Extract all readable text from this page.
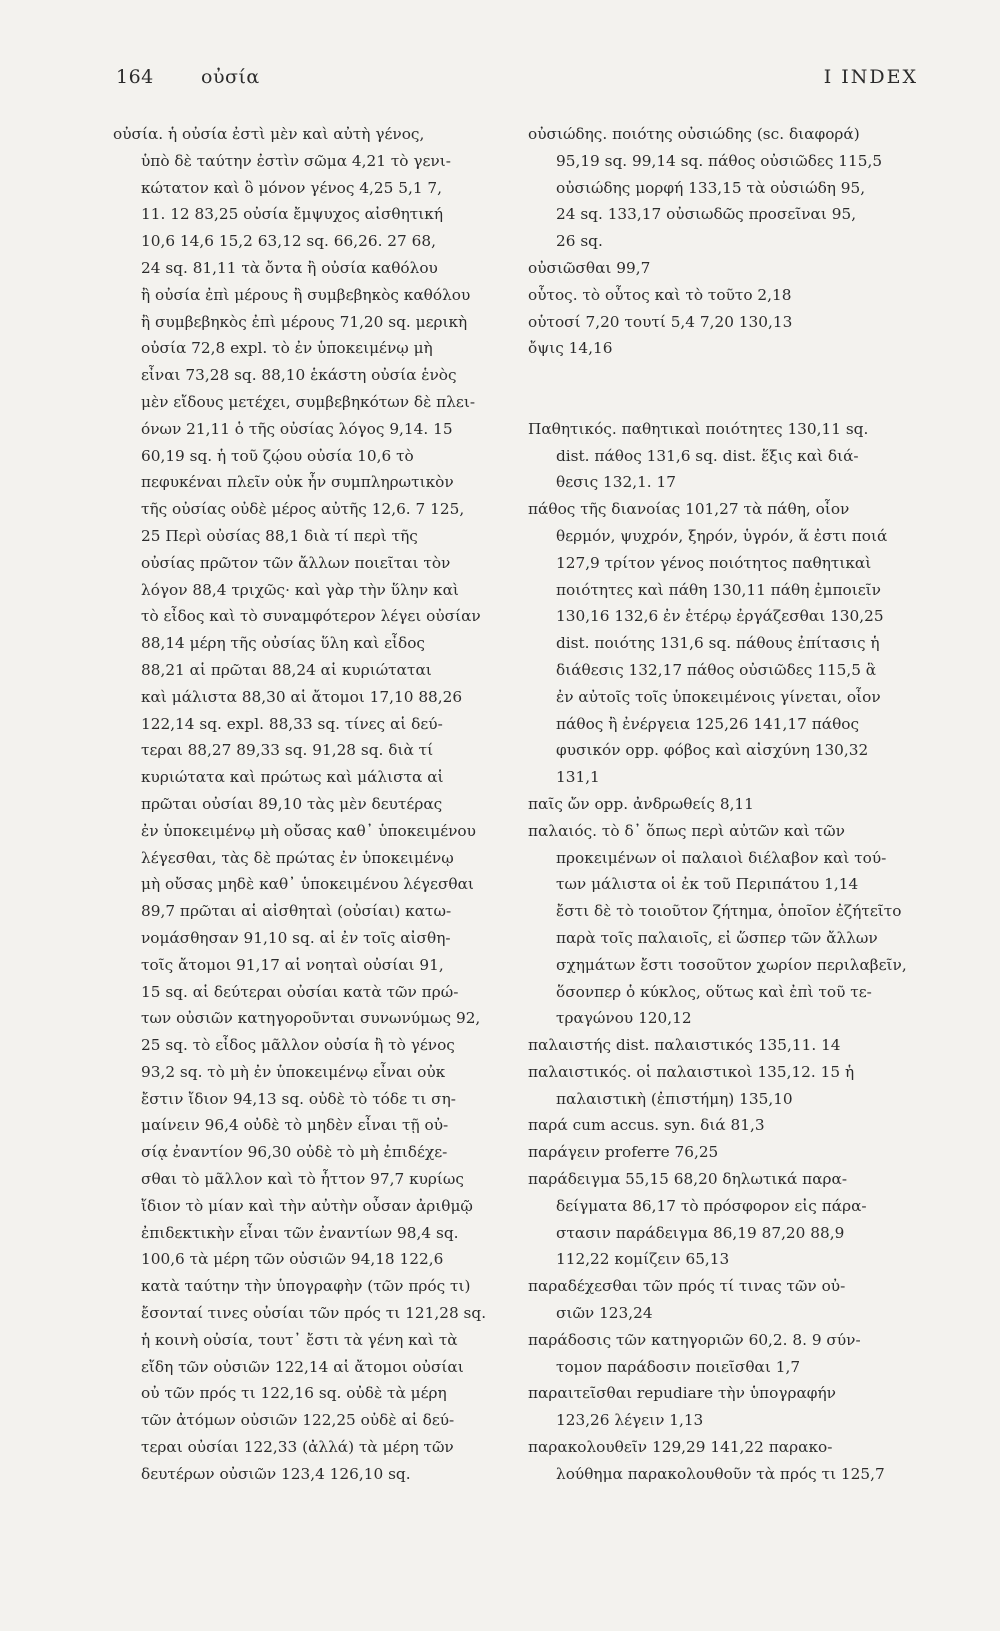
164 οὐσία	I INDEX
οὐσία. ἡ οὐσία ἐστὶ μὲν καὶ αὐτὴ γένος,
ὑπὸ δὲ ταύτην ἐστὶν σῶμα 4,21 τὸ γενι-
κώτατον καὶ ὃ μόνον γένος 4,25 5,1 7,
11. 12 83,25 οὐσία ἔμψυχος αἰσθητική
10,6 14,6 15,2 63,12 sq. 66,26. 27 68,
24 sq. 81,11 τὰ ὄντα ἢ οὐσία καθόλου
ἢ οὐσία ἐπὶ μέρους ἢ συμβεβηκὸς καθόλου
ἢ συμβεβηκὸς ἐπὶ μέρους 71,20 sq. μερικὴ
οὐσία 72,8 expl. τὸ ἐν ὑποκειμένῳ μὴ
εἶναι 73,28 sq. 88,10 ἑκάστη οὐσία ἑνὸς
μὲν εἴδους μετέχει, συμβεβηκότων δὲ πλει-
όνων 21,11 ὁ τῆς οὐσίας λόγος 9,14. 15
60,19 sq. ἡ τοῦ ζῴου οὐσία 10,6 τὸ
πεφυκέναι πλεῖν οὐκ ἦν συμπληρωτικὸν
τῆς οὐσίας οὐδὲ μέρος αὐτῆς 12,6. 7 125,
25 Περὶ οὐσίας 88,1 διὰ τί περὶ τῆς
οὐσίας πρῶτον τῶν ἄλλων ποιεῖται τὸν
λόγον 88,4 τριχῶς· καὶ γὰρ τὴν ὕλην καὶ
τὸ εἶδος καὶ τὸ συναμφότερον λέγει οὐσίαν
88,14 μέρη τῆς οὐσίας ὕλη καὶ εἶδος
88,21 αἱ πρῶται 88,24 αἱ κυριώταται
καὶ μάλιστα 88,30 αἱ ἄτομοι 17,10 88,26
122,14 sq. expl. 88,33 sq. τίνες αἱ δεύ-
τεραι 88,27 89,33 sq. 91,28 sq. διὰ τί
κυριώτατα καὶ πρώτως καὶ μάλιστα αἱ
πρῶται οὐσίαι 89,10 τὰς μὲν δευτέρας
ἐν ὑποκειμένῳ μὴ οὔσας καθ᾽ ὑποκειμένου
λέγεσθαι, τὰς δὲ πρώτας ἐν ὑποκειμένῳ
μὴ οὔσας μηδὲ καθ᾽ ὑποκειμένου λέγεσθαι
89,7 πρῶται αἱ αἰσθηταὶ (οὐσίαι) κατω-
νομάσθησαν 91,10 sq. αἱ ἐν τοῖς αἰσθη-
τοῖς ἄτομοι 91,17 αἱ νοηταὶ οὐσίαι 91,
15 sq. αἱ δεύτεραι οὐσίαι κατὰ τῶν πρώ-
των οὐσιῶν κατηγοροῦνται συνωνύμως 92,
25 sq. τὸ εἶδος μᾶλλον οὐσία ἢ τὸ γένος
93,2 sq. τὸ μὴ ἐν ὑποκειμένῳ εἶναι οὐκ
ἔστιν ἴδιον 94,13 sq. οὐδὲ τὸ τόδε τι ση-
μαίνειν 96,4 οὐδὲ τὸ μηδὲν εἶναι τῇ οὐ-
σίᾳ ἐναντίον 96,30 οὐδὲ τὸ μὴ ἐπιδέχε-
σθαι τὸ μᾶλλον καὶ τὸ ἧττον 97,7 κυρίως
ἴδιον τὸ μίαν καὶ τὴν αὐτὴν οὖσαν ἀριθμῷ
ἐπιδεκτικὴν εἶναι τῶν ἐναντίων 98,4 sq.
100,6 τὰ μέρη τῶν οὐσιῶν 94,18 122,6
κατὰ ταύτην τὴν ὑπογραφὴν (τῶν πρός τι)
ἔσονταί τινες οὐσίαι τῶν πρός τι 121,28 sq.
ἡ κοινὴ οὐσία, τουτ᾽ ἔστι τὰ γένη καὶ τὰ
εἴδη τῶν οὐσιῶν 122,14 αἱ ἄτομοι οὐσίαι
οὐ τῶν πρός τι 122,16 sq. οὐδὲ τὰ μέρη
τῶν ἀτόμων οὐσιῶν 122,25 οὐδὲ αἱ δεύ-
τεραι οὐσίαι 122,33 (ἀλλά) τὰ μέρη τῶν
δευτέρων οὐσιῶν 123,4 126,10 sq.
οὐσιώδης. ποιότης οὐσιώδης (sc. διαφορά)
95,19 sq. 99,14 sq. πάθος οὐσιῶδες 115,5
οὐσιώδης μορφή 133,15 τὰ οὐσιώδη 95,
24 sq. 133,17 οὐσιωδῶς προσεῖναι 95,
26 sq.
οὐσιῶσθαι 99,7
οὗτος. τὸ οὗτος καὶ τὸ τοῦτο 2,18
οὑτοσί 7,20 τουτί 5,4 7,20 130,13
ὄψις 14,16
Παθητικός. παθητικαὶ ποιότητες 130,11 sq.
dist. πάθος 131,6 sq. dist. ἕξις καὶ διά-
θεσις 132,1. 17
πάθος τῆς διανοίας 101,27 τὰ πάθη, οἷον
θερμόν, ψυχρόν, ξηρόν, ὑγρόν, ἅ ἐστι ποιά
127,9 τρίτον γένος ποιότητος παθητικαὶ
ποιότητες καὶ πάθη 130,11 πάθη ἐμποιεῖν
130,16 132,6 ἐν ἑτέρῳ ἐργάζεσθαι 130,25
dist. ποιότης 131,6 sq. πάθους ἐπίτασις ἡ
διάθεσις 132,17 πάθος οὐσιῶδες 115,5 ἃ
ἐν αὐτοῖς τοῖς ὑποκειμένοις γίνεται, οἷον
πάθος ἢ ἐνέργεια 125,26 141,17 πάθος
φυσικόν opp. φόβος καὶ αἰσχύνη 130,32
131,1
παῖς ὤν opp. ἀνδρωθείς 8,11
παλαιός. τὸ δ᾽ ὅπως περὶ αὐτῶν καὶ τῶν
προκειμένων οἱ παλαιοὶ διέλαβον καὶ τού-
των μάλιστα οἱ ἐκ τοῦ Περιπάτου 1,14
ἔστι δὲ τὸ τοιοῦτον ζήτημα, ὁποῖον ἐζήτεῖτο
παρὰ τοῖς παλαιοῖς, εἰ ὥσπερ τῶν ἄλλων
σχημάτων ἔστι τοσοῦτον χωρίον περιλαβεῖν,
ὅσονπερ ὁ κύκλος, οὕτως καὶ ἐπὶ τοῦ τε-
τραγώνου 120,12
παλαιστής dist. παλαιστικός 135,11. 14
παλαιστικός. οἱ παλαιστικοὶ 135,12. 15 ἡ
παλαιστικὴ (ἐπιστήμη) 135,10
παρά cum accus. syn. διά 81,3
παράγειν proferre 76,25
παράδειγμα 55,15 68,20 δηλωτικά παρα-
δείγματα 86,17 τὸ πρόσφορον εἰς πάρα-
στασιν παράδειγμα 86,19 87,20 88,9
112,22 κομίζειν 65,13
παραδέχεσθαι τῶν πρός τί τινας τῶν οὐ-
σιῶν 123,24
παράδοσις τῶν κατηγοριῶν 60,2. 8. 9 σύν-
τομον παράδοσιν ποιεῖσθαι 1,7
παραιτεῖσθαι repudiare τὴν ὑπογραφήν
123,26 λέγειν 1,13
παρακολουθεῖν 129,29 141,22 παρακο-
λούθημα παρακολουθοῦν τὰ πρός τι 125,7
